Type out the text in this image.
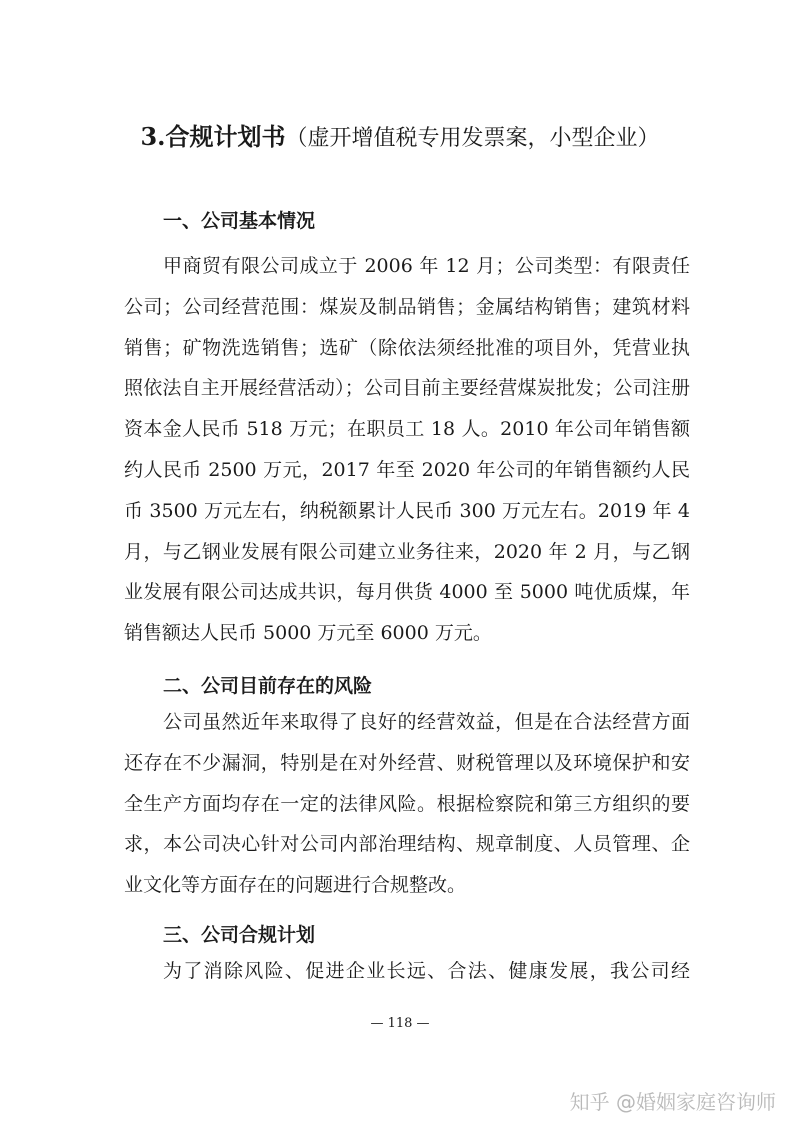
3.合规计划书（虚开增值税专用发票案，小型企业）
一、公司基本情况

甲商贸有限公司成立于 2006 年 12 月；公司类型：有限责任公司；公司经营范围：煤炭及制品销售；金属结构销售；建筑材料销售；矿物洗选销售；选矿（除依法须经批准的项目外，凭营业执照依法自主开展经营活动）；公司目前主要经营煤炭批发；公司注册资本金人民币 518 万元；在职员工 18 人。2010 年公司年销售额约人民币 2500 万元，2017 年至 2020 年公司的年销售额约人民币 3500 万元左右，纳税额累计人民币 300 万元左右。2019 年 4 月，与乙钢业发展有限公司建立业务往来，2020 年 2 月，与乙钢业发展有限公司达成共识，每月供货 4000 至 5000 吨优质煤，年销售额达人民币 5000 万元至 6000 万元。

二、公司目前存在的风险

公司虽然近年来取得了良好的经营效益，但是在合法经营方面还存在不少漏洞，特别是在对外经营、财税管理以及环境保护和安全生产方面均存在一定的法律风险。根据检察院和第三方组织的要求，本公司决心针对公司内部治理结构、规章制度、人员管理、企业文化等方面存在的问题进行合规整改。

三、公司合规计划

为了消除风险、促进企业长远、合法、健康发展，我公司经

— 118 —
知乎 @婚姻家庭咨询师
